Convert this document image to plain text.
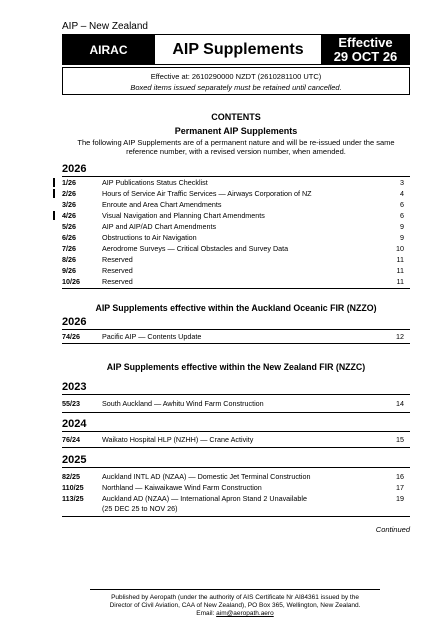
AIP – New Zealand
AIRAC	AIP Supplements	Effective
29 OCT 26
Effective at: 2610290000 NZDT (2610281100 UTC)
Boxed items issued separately must be retained until cancelled.
CONTENTS
Permanent AIP Supplements
The following AIP Supplements are of a permanent nature and will be re-issued under the same reference number, with a revised version number, when amended.
2026
1/26	AIP Publications Status Checklist	3
2/26	Hours of Service Air Traffic Services — Airways Corporation of NZ	4
3/26	Enroute and Area Chart Amendments	6
4/26	Visual Navigation and Planning Chart Amendments	6
5/26	AIP and AIP/AD Chart Amendments	9
6/26	Obstructions to Air Navigation	9
7/26	Aerodrome Surveys — Critical Obstacles and Survey Data	10
8/26	Reserved	11
9/26	Reserved	11
10/26	Reserved	11
AIP Supplements effective within the Auckland Oceanic FIR (NZZO)
2026
74/26	Pacific AIP — Contents Update	12
AIP Supplements effective within the New Zealand FIR (NZZC)
2023
55/23	South Auckland — Awhitu Wind Farm Construction	14
2024
76/24	Waikato Hospital HLP (NZHH) — Crane Activity	15
2025
82/25	Auckland INTL AD (NZAA) — Domestic Jet Terminal Construction	16
110/25	Northland — Kaiwaikawe Wind Farm Construction	17
113/25	Auckland AD (NZAA) — International Apron Stand 2 Unavailable	19
(25 DEC 25 to NOV 26)
Continued
Published by Aeropath (under the authority of AIS Certificate Nr AI84361 issued by the
Director of Civil Aviation, CAA of New Zealand), PO Box 365, Wellington, New Zealand.
Email: aim@aeropath.aero
